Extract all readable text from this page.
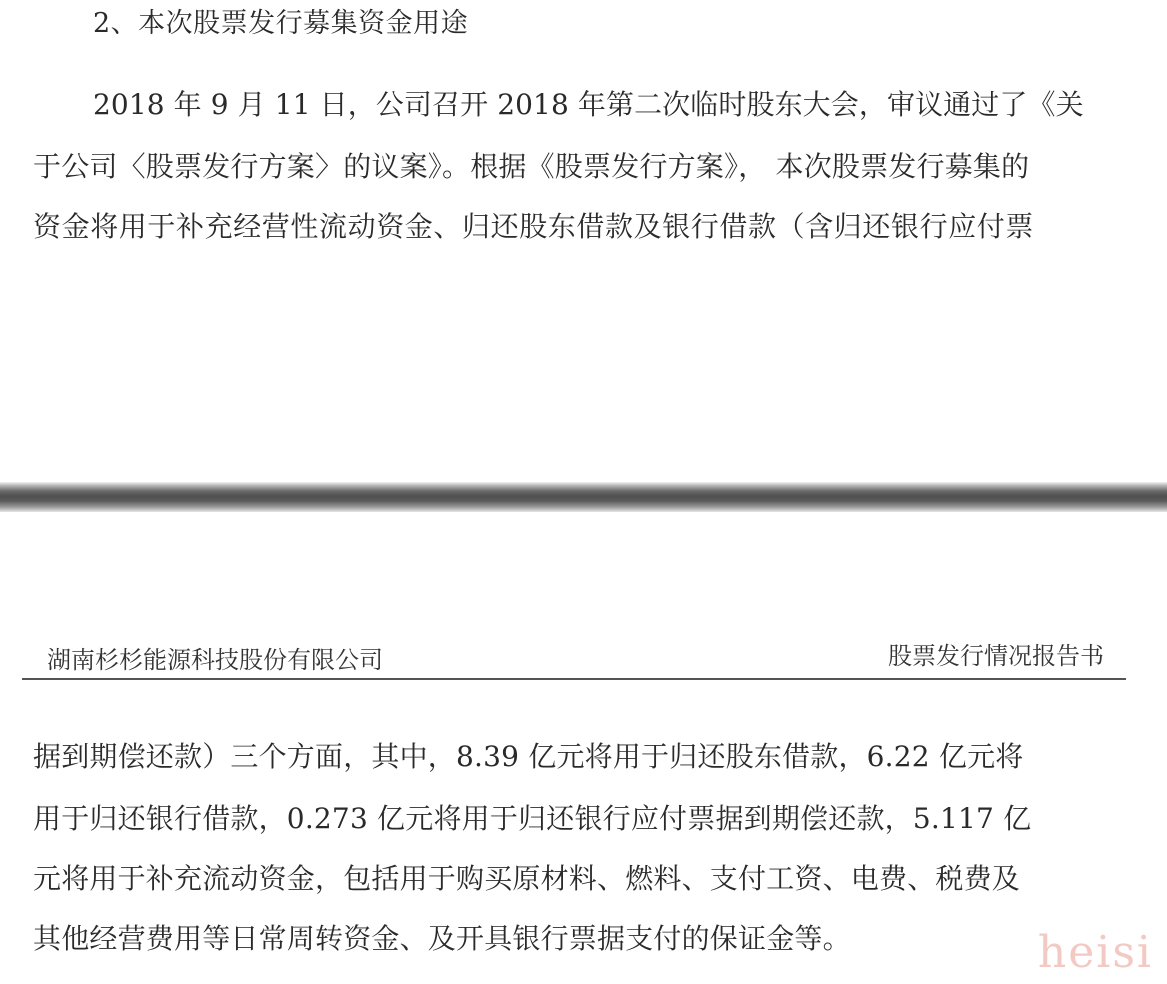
2、本次股票发行募集资金用途
2018 年 9 月 11 日，公司召开 2018 年第二次临时股东大会，审议通过了《关
于公司〈股票发行方案〉的议案》。根据《股票发行方案》， 本次股票发行募集的
资金将用于补充经营性流动资金、归还股东借款及银行借款（含归还银行应付票
湖南杉杉能源科技股份有限公司	股票发行情况报告书
据到期偿还款）三个方面，其中，8.39 亿元将用于归还股东借款，6.22 亿元将
用于归还银行借款，0.273 亿元将用于归还银行应付票据到期偿还款，5.117 亿
元将用于补充流动资金，包括用于购买原材料、燃料、支付工资、电费、税费及
其他经营费用等日常周转资金、及开具银行票据支付的保证金等。	heisi
